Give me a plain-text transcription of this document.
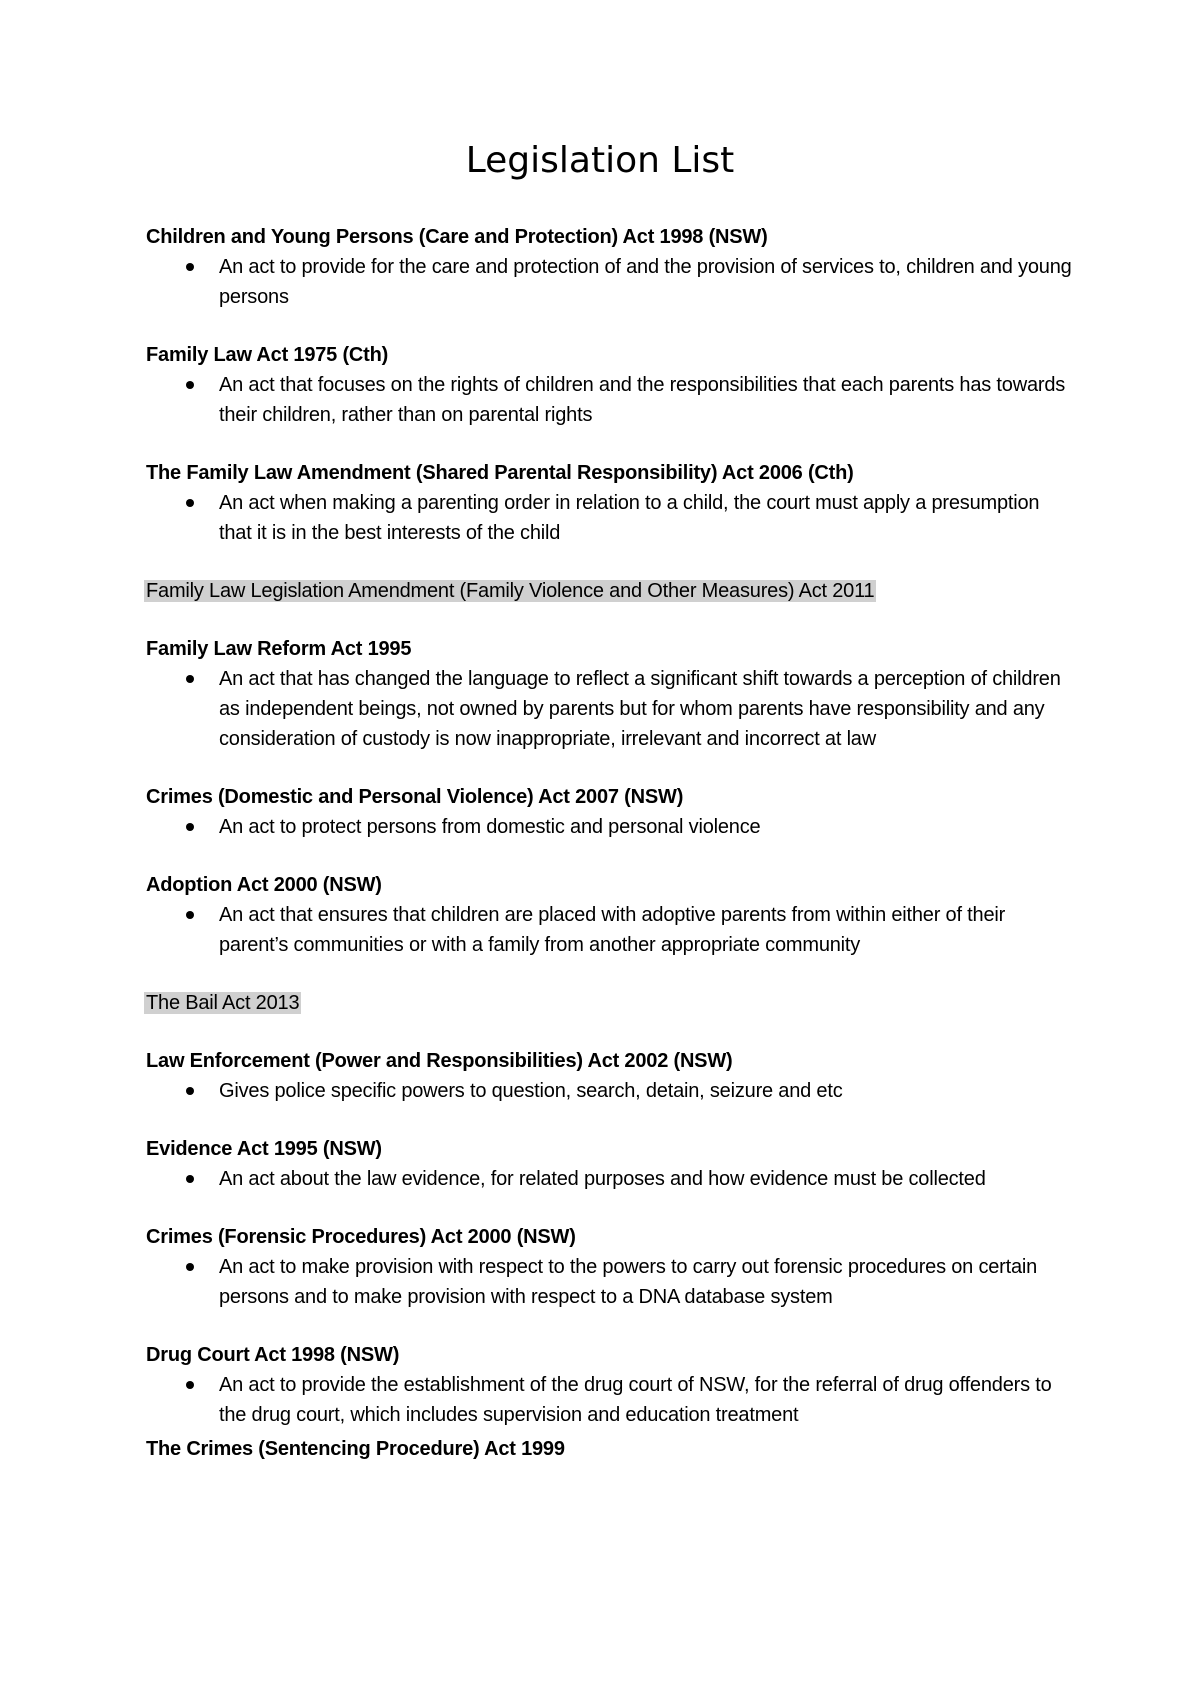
Legislation List
Children and Young Persons (Care and Protection) Act 1998 (NSW)
An act to provide for the care and protection of and the provision of services to, children and young persons
Family Law Act 1975 (Cth)
An act that focuses on the rights of children and the responsibilities that each parents has towards their children, rather than on parental rights
The Family Law Amendment (Shared Parental Responsibility) Act 2006 (Cth)
An act when making a parenting order in relation to a child, the court must apply a presumption that it is in the best interests of the child
Family Law Legislation Amendment (Family Violence and Other Measures) Act 2011
Family Law Reform Act 1995
An act that has changed the language to reflect a significant shift towards a perception of children as independent beings, not owned by parents but for whom parents have responsibility and any consideration of custody is now inappropriate, irrelevant and incorrect at law
Crimes (Domestic and Personal Violence) Act 2007 (NSW)
An act to protect persons from domestic and personal violence
Adoption Act 2000 (NSW)
An act that ensures that children are placed with adoptive parents from within either of their parent’s communities or with a family from another appropriate community
The Bail Act 2013
Law Enforcement (Power and Responsibilities) Act 2002 (NSW)
Gives police specific powers to question, search, detain, seizure and etc
Evidence Act 1995 (NSW)
An act about the law evidence, for related purposes and how evidence must be collected
Crimes (Forensic Procedures) Act 2000 (NSW)
An act to make provision with respect to the powers to carry out forensic procedures on certain persons and to make provision with respect to a DNA database system
Drug Court Act 1998 (NSW)
An act to provide the establishment of the drug court of NSW, for the referral of drug offenders to the drug court, which includes supervision and education treatment
The Crimes (Sentencing Procedure) Act 1999
